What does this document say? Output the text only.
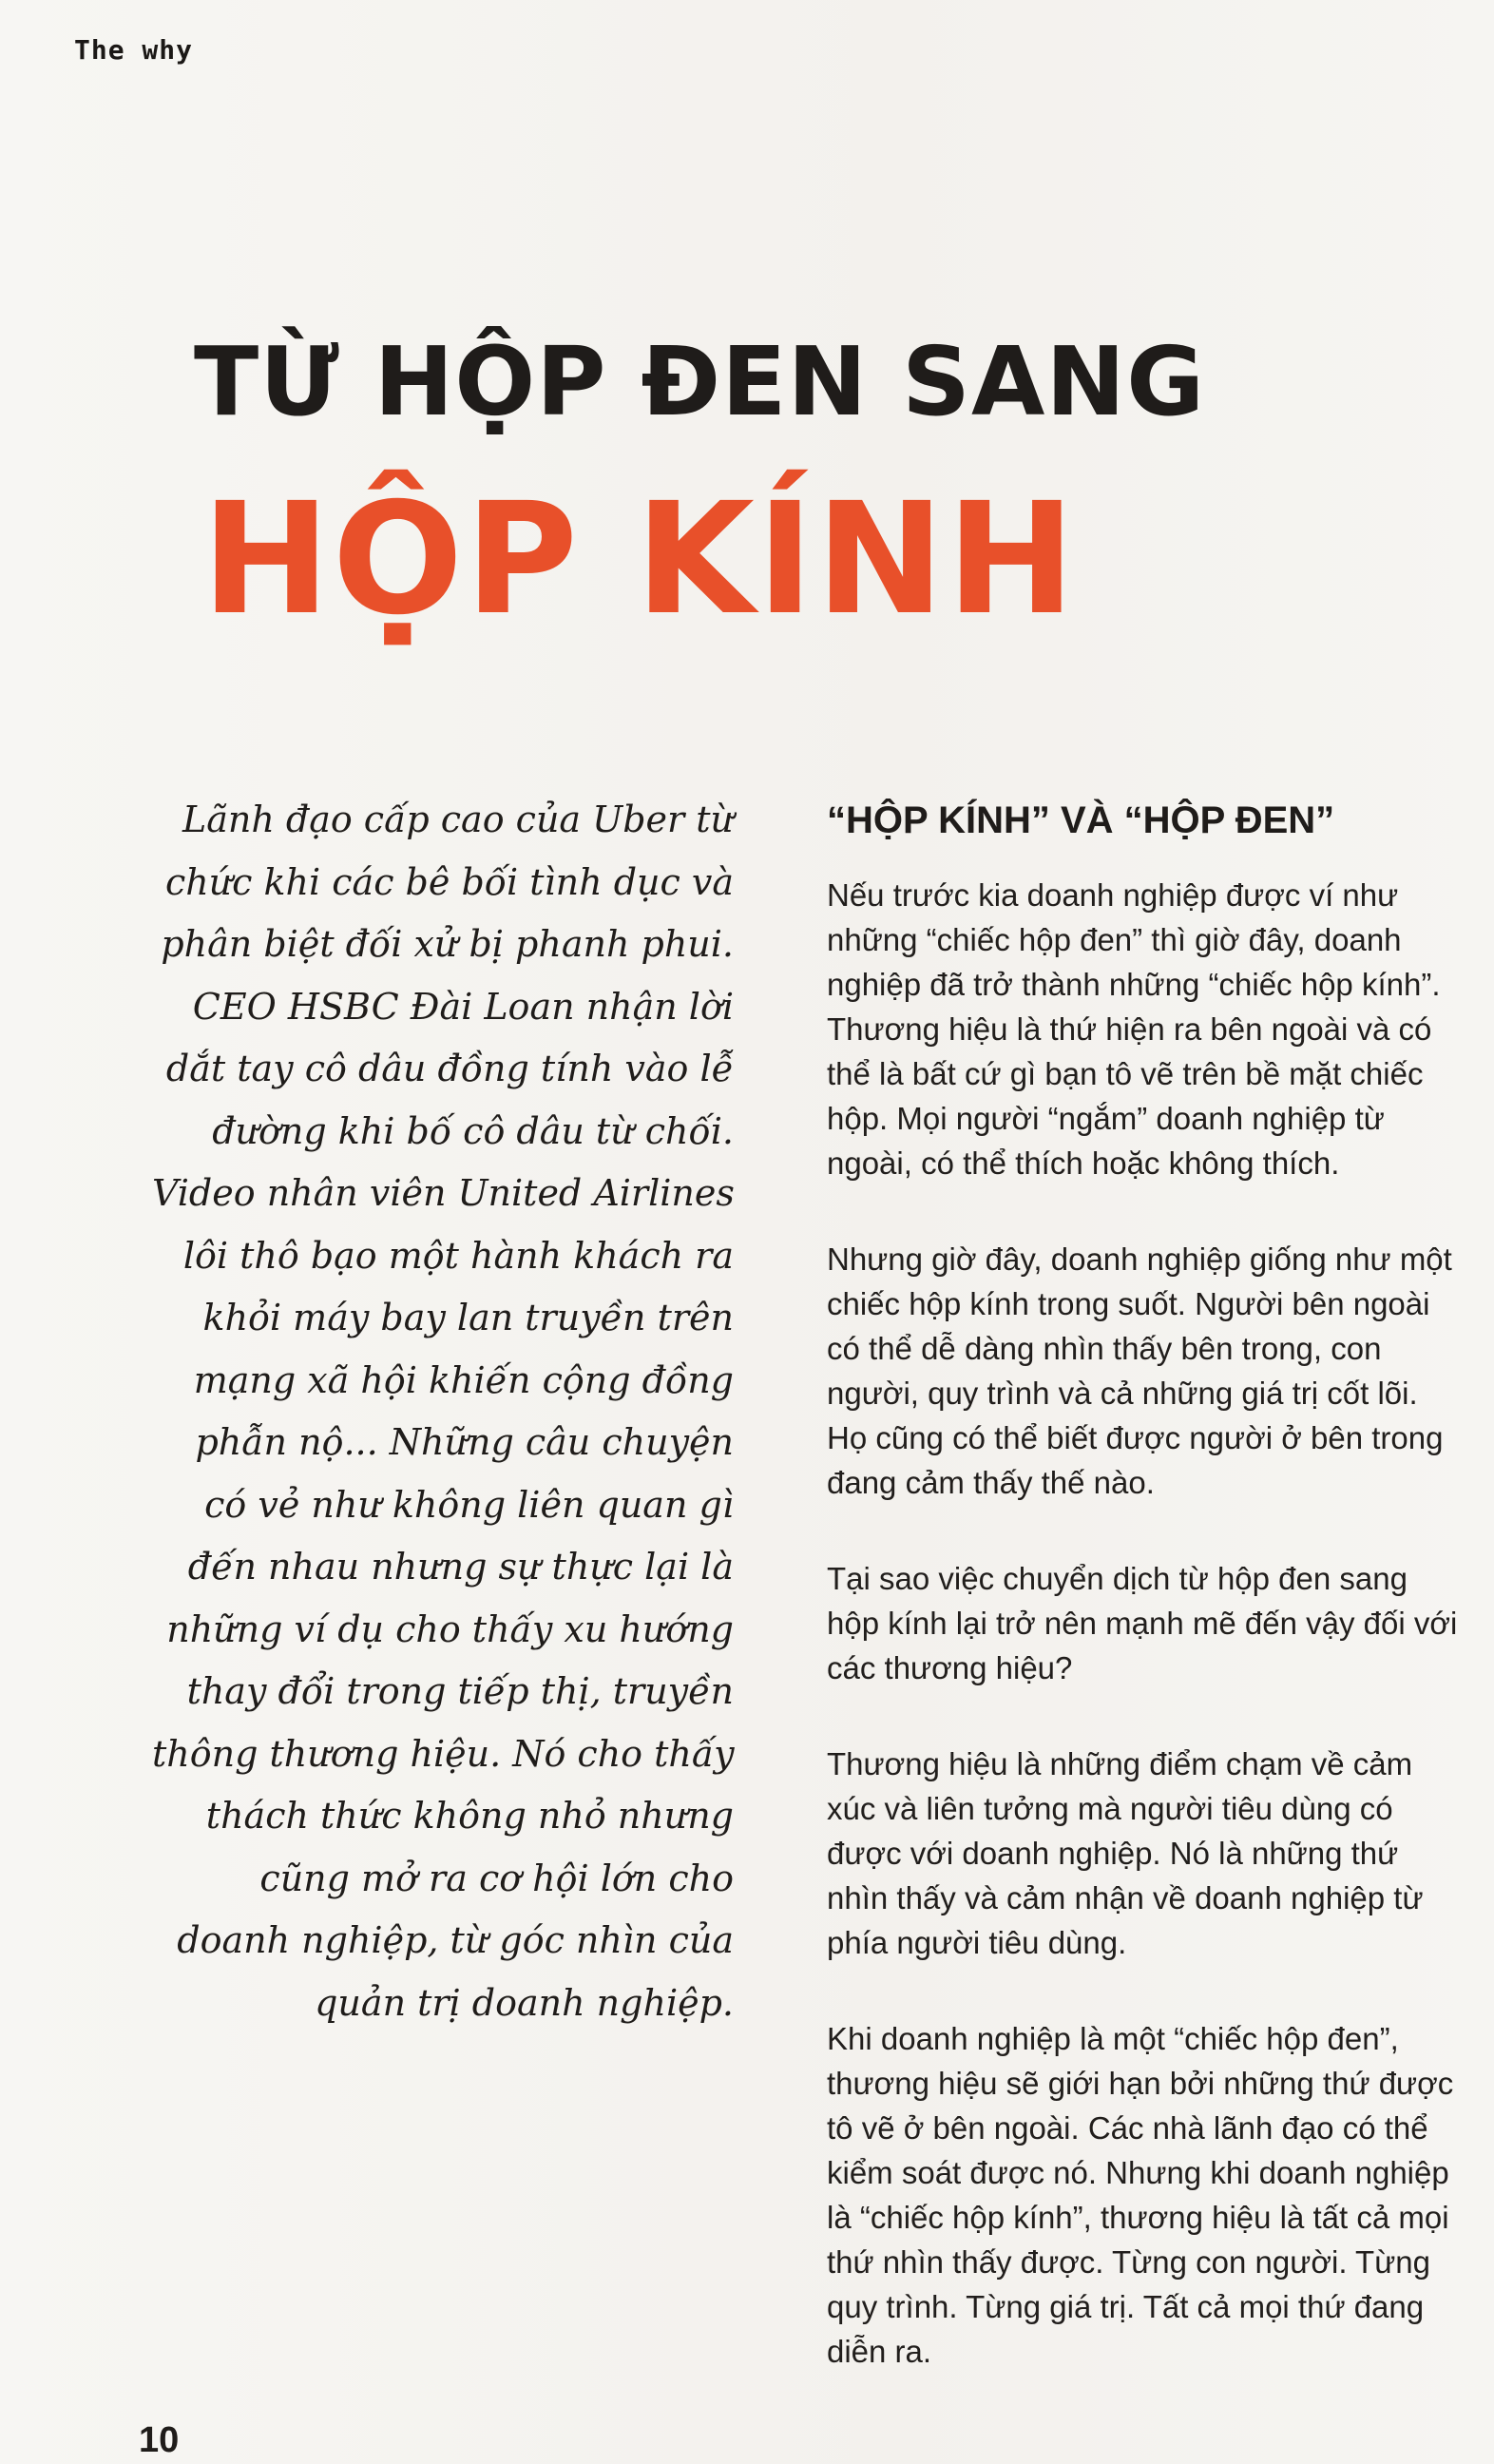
The why
TỪ HỘP ĐEN SANG
HỘP KÍNH
Lãnh đạo cấp cao của Uber từ
chức khi các bê bối tình dục và
phân biệt đối xử bị phanh phui.
CEO HSBC Đài Loan nhận lời
dắt tay cô dâu đồng tính vào lễ
đường khi bố cô dâu từ chối.
Video nhân viên United Airlines
lôi thô bạo một hành khách ra
khỏi máy bay lan truyền trên
mạng xã hội khiến cộng đồng
phẫn nộ... Những câu chuyện
có vẻ như không liên quan gì
đến nhau nhưng sự thực lại là
những ví dụ cho thấy xu hướng
thay đổi trong tiếp thị, truyền
thông thương hiệu. Nó cho thấy
thách thức không nhỏ nhưng
cũng mở ra cơ hội lớn cho
doanh nghiệp, từ góc nhìn của
quản trị doanh nghiệp.
“HỘP KÍNH” VÀ “HỘP ĐEN”
Nếu trước kia doanh nghiệp được ví như
những “chiếc hộp đen” thì giờ đây, doanh
nghiệp đã trở thành những “chiếc hộp kính”.
Thương hiệu là thứ hiện ra bên ngoài và có
thể là bất cứ gì bạn tô vẽ trên bề mặt chiếc
hộp. Mọi người “ngắm” doanh nghiệp từ
ngoài, có thể thích hoặc không thích.
Nhưng giờ đây, doanh nghiệp giống như một
chiếc hộp kính trong suốt. Người bên ngoài
có thể dễ dàng nhìn thấy bên trong, con
người, quy trình và cả những giá trị cốt lõi.
Họ cũng có thể biết được người ở bên trong
đang cảm thấy thế nào.
Tại sao việc chuyển dịch từ hộp đen sang
hộp kính lại trở nên mạnh mẽ đến vậy đối với
các thương hiệu?
Thương hiệu là những điểm chạm về cảm
xúc và liên tưởng mà người tiêu dùng có
được với doanh nghiệp. Nó là những thứ
nhìn thấy và cảm nhận về doanh nghiệp từ
phía người tiêu dùng.
Khi doanh nghiệp là một “chiếc hộp đen”,
thương hiệu sẽ giới hạn bởi những thứ được
tô vẽ ở bên ngoài. Các nhà lãnh đạo có thể
kiểm soát được nó. Nhưng khi doanh nghiệp
là “chiếc hộp kính”, thương hiệu là tất cả mọi
thứ nhìn thấy được. Từng con người. Từng
quy trình. Từng giá trị. Tất cả mọi thứ đang
diễn ra.
10
